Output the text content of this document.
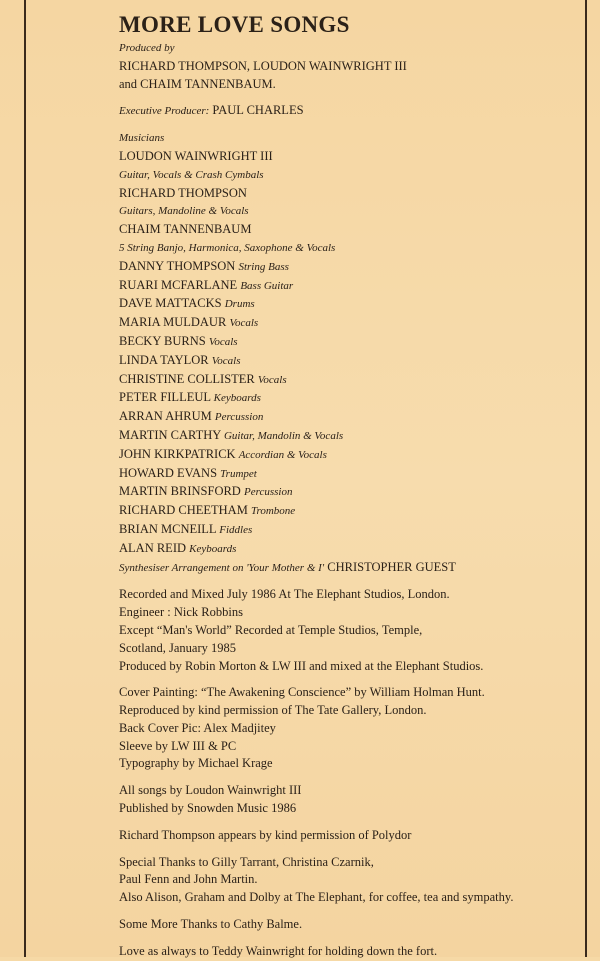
MORE LOVE SONGS

Produced by

RICHARD THOMPSON, LOUDON WAINWRIGHT III

and CHAIM TANNENBAUM.

Executive Producer: PAUL CHARLES

Musicians

LOUDON WAINWRIGHT III

Guitar, Vocals & Crash Cymbals

RICHARD THOMPSON

Guitars, Mandoline & Vocals

CHAIM TANNENBAUM

5 String Banjo, Harmonica, Saxophone & Vocals

DANNY THOMPSON String Bass

RUARI MCFARLANE Bass Guitar

DAVE MATTACKS Drums

MARIA MULDAUR Vocals

BECKY BURNS Vocals

LINDA TAYLOR Vocals

CHRISTINE COLLISTER Vocals

PETER FILLEUL Keyboards

ARRAN AHRUM Percussion

MARTIN CARTHY Guitar, Mandolin & Vocals

JOHN KIRKPATRICK Accordian & Vocals

HOWARD EVANS Trumpet

MARTIN BRINSFORD Percussion

RICHARD CHEETHAM Trombone

BRIAN MCNEILL Fiddles

ALAN REID Keyboards

Synthesiser Arrangement on 'Your Mother & I' CHRISTOPHER GUEST

Recorded and Mixed July 1986 At The Elephant Studios, London.

Engineer : Nick Robbins

Except “Man's World” Recorded at Temple Studios, Temple,

Scotland, January 1985

Produced by Robin Morton & LW III and mixed at the Elephant Studios.

Cover Painting: “The Awakening Conscience” by William Holman Hunt.

Reproduced by kind permission of The Tate Gallery, London.

Back Cover Pic: Alex Madjitey

Sleeve by LW III & PC

Typography by Michael Krage

All songs by Loudon Wainwright III

Published by Snowden Music 1986

Richard Thompson appears by kind permission of Polydor

Special Thanks to Gilly Tarrant, Christina Czarnik,

Paul Fenn and John Martin.

Also Alison, Graham and Dolby at The Elephant, for coffee, tea and sympathy.

Some More Thanks to Cathy Balme.

Love as always to Teddy Wainwright for holding down the fort.
